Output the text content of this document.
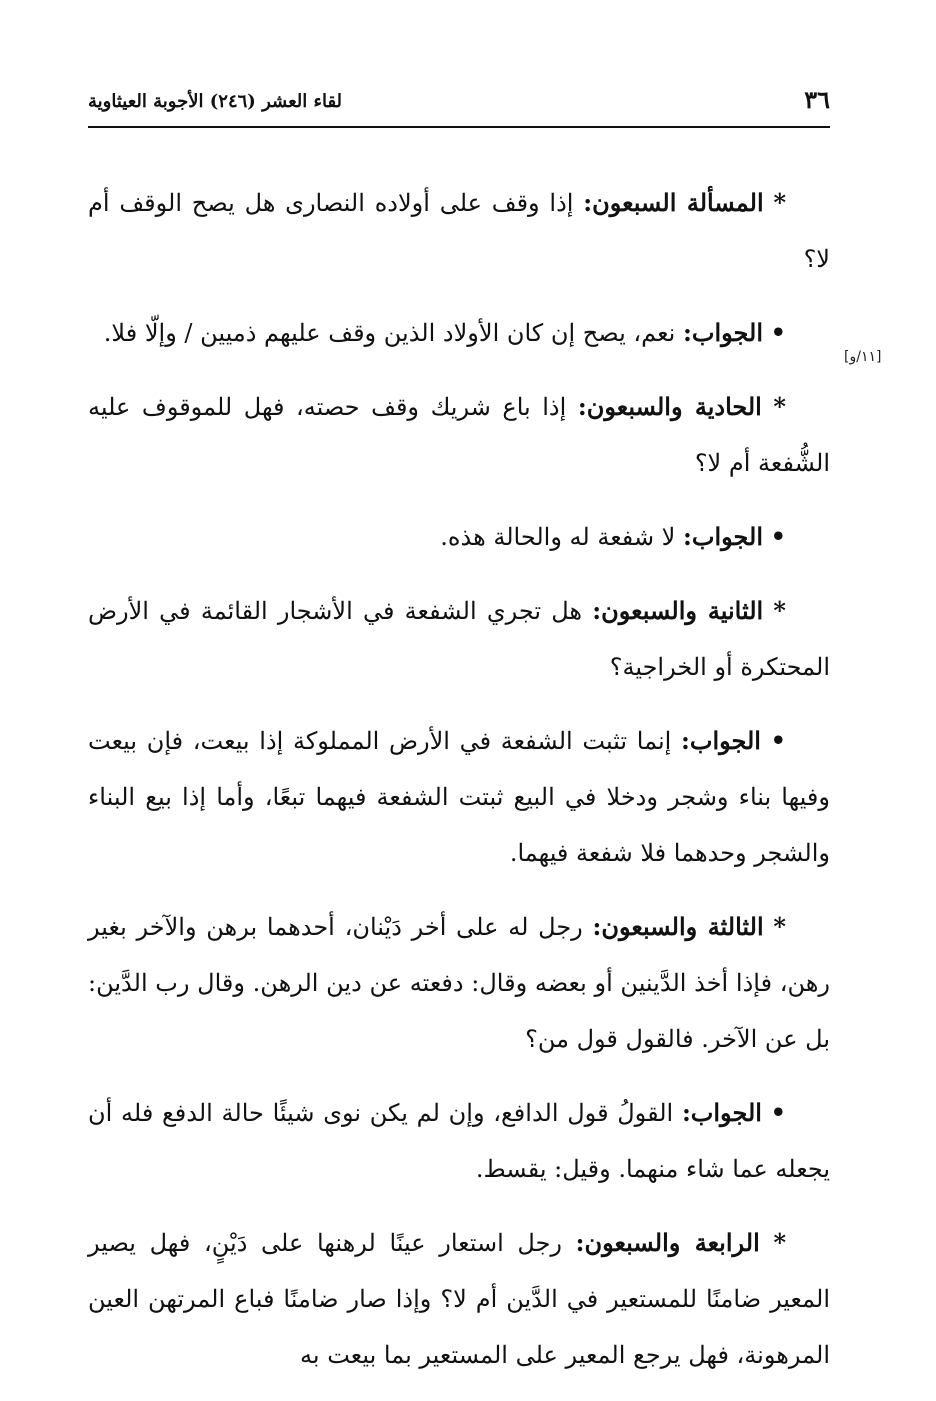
٣٦
لقاء العشر (٢٤٦) الأجوبة العيثاوية
[١١/و]

* المسألة السبعون: إذا وقف على أولاده النصارى هل يصح الوقف أم لا؟

• الجواب: نعم، يصح إن كان الأولاد الذين وقف عليهم ذميين / وإلّا فلا.

* الحادية والسبعون: إذا باع شريك وقف حصته، فهل للموقوف عليه الشُّفعة أم لا؟

• الجواب: لا شفعة له والحالة هذه.

* الثانية والسبعون: هل تجري الشفعة في الأشجار القائمة في الأرض المحتكرة أو الخراجية؟

• الجواب: إنما تثبت الشفعة في الأرض المملوكة إذا بيعت، فإن بيعت وفيها بناء وشجر ودخلا في البيع ثبتت الشفعة فيهما تبعًا، وأما إذا بيع البناء والشجر وحدهما فلا شفعة فيهما.

* الثالثة والسبعون: رجل له على أخر دَيْنان، أحدهما برهن والآخر بغير رهن، فإذا أخذ الدَّينين أو بعضه وقال: دفعته عن دين الرهن. وقال رب الدَّين: بل عن الآخر. فالقول قول من؟

• الجواب: القولُ قول الدافع، وإن لم يكن نوى شيئًا حالة الدفع فله أن يجعله عما شاء منهما. وقيل: يقسط.

* الرابعة والسبعون: رجل استعار عينًا لرهنها على دَيْنٍ، فهل يصير المعير ضامنًا للمستعير في الدَّين أم لا؟ وإذا صار ضامنًا فباع المرتهن العين المرهونة، فهل يرجع المعير على المستعير بما بيعت به
